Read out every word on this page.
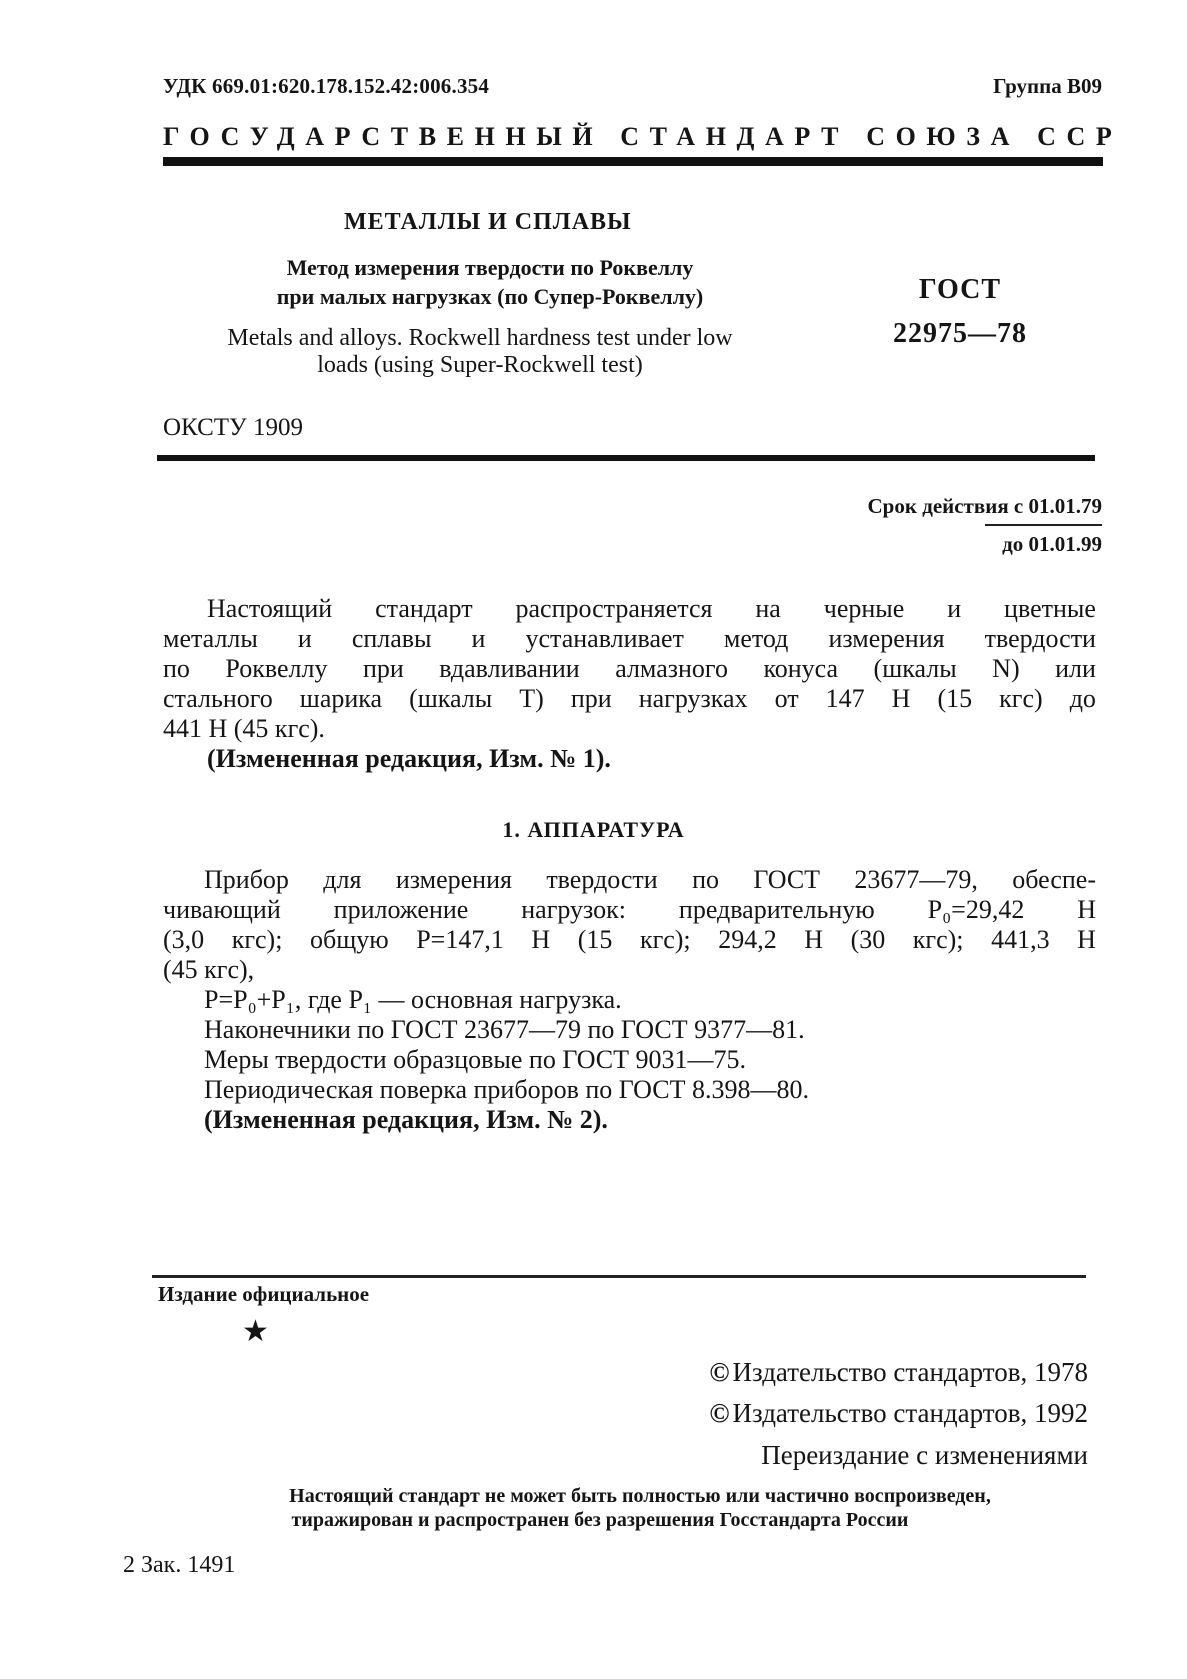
УДК 669.01:620.178.152.42:006.354	Группа В09
ГОСУДАРСТВЕННЫЙ СТАНДАРТ СОЮЗА ССР
МЕТАЛЛЫ И СПЛАВЫ
Метод измерения твердости по Роквеллу
при малых нагрузках (по Супер-Роквеллу)
Metals and alloys. Rockwell hardness test under low
loads (using Super-Rockwell test)
ГОСТ
22975—78
ОКСТУ 1909
Срок действия с 01.01.79
до 01.01.99
Настоящий стандарт распространяется на черные и цветные
металлы и сплавы и устанавливает метод измерения твердости
по Роквеллу при вдавливании алмазного конуса (шкалы N) или
стального шарика (шкалы Т) при нагрузках от 147 Н (15 кгс) до
441 Н (45 кгс).
(Измененная редакция, Изм. № 1).
1. АППАРАТУРА
Прибор для измерения твердости по ГОСТ 23677—79, обеспе-
чивающий приложение нагрузок: предварительную Р₀=29,42 Н
(3,0 кгс); общую Р=147,1 Н (15 кгс); 294,2 Н (30 кгс); 441,3 Н
(45 кгс),
Р=Р₀+Р₁, где Р₁ — основная нагрузка.
Наконечники по ГОСТ 23677—79 по ГОСТ 9377—81.
Меры твердости образцовые по ГОСТ 9031—75.
Периодическая поверка приборов по ГОСТ 8.398—80.
(Измененная редакция, Изм. № 2).
Издание официальное
★
© Издательство стандартов, 1978
© Издательство стандартов, 1992
Переиздание с изменениями
Настоящий стандарт не может быть полностью или частично воспроизведен,
тиражирован и распространен без разрешения Госстандарта России
2 Зак. 1491
